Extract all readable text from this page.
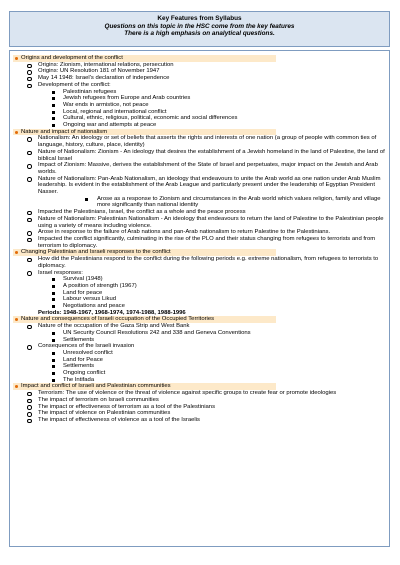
Key Features from Syllabus
Questions on this topic in the HSC come from the key features
There is a high emphasis on analytical questions.
Origins and development of the conflict
Origins: Zionism, international relations, persecution
Origins: UN Resolution 181 of November 1947
May 14 1948: Israel's declaration of independence
Development of the conflict:
Palestinian refugees
Jewish refugees from Europe and Arab countries
War ends in armistice, not peace
Local, regional and international conflict
Cultural, ethnic, religious, political, economic and social differences
Ongoing war and attempts at peace
Nature and impact of nationalism
Nationalism: An ideology or set of beliefs that asserts the rights and interests of one nation (a group of people with common ties of language, history, culture, place, identity)
Nature of Nationalism: Zionism - An ideology that desires the establishment of a Jewish homeland in the land of Palestine, the land of biblical Israel
Impact of Zionism: Massive, derives the establishment of the State of Israel and perpetuates, major impact on the Jewish and Arab worlds.
Nature of Nationalism: Pan-Arab Nationalism, an ideology that endeavours to unite the Arab world as one nation under Arab Muslim leadership. Is evident in the establishment of the Arab League and particularly present under the leadership of Egyptian President Nasser.
Arose as a response to Zionism and circumstances in the Arab world which values religion, family and village more significantly than national identity
Impacted the Palestinians, Israel, the conflict as a whole and the peace process
Nature of Nationalism: Palestinian Nationalism - An ideology that endeavours to return the land of Palestine to the Palestinian people using a variety of means including violence.
Arose in response to the failure of Arab nations and pan-Arab nationalism to return Palestine to the Palestinians.
Impacted the conflict significantly, culminating in the rise of the PLO and their status changing from refugees to terrorists and from terrorism to diplomacy.
Changing Palestinian and Israeli responses to the conflict
How did the Palestinians respond to the conflict during the following periods e.g. extreme nationalism, from refugees to terrorists to diplomacy.
Israel responses:
Survival (1948)
A position of strength (1967)
Land for peace
Labour versus Likud
Negotiations and peace
Periods: 1948-1967, 1968-1974, 1974-1988, 1988-1996
Nature and consequences of Israeli occupation of the Occupied Territories
Nature of the occupation of the Gaza Strip and West Bank
UN Security Council Resolutions 242 and 338 and Geneva Conventions
Settlements
Consequences of the Israeli invasion
Unresolved conflict
Land for Peace
Settlements
Ongoing conflict
The Intifada
Impact and conflict of Israeli and Palestinian communities
Terrorism: The use of violence or the threat of violence against specific groups to create fear or promote ideologies
The impact of terrorism on Israeli communities
The impact or effectiveness of terrorism as a tool of the Palestinians
The impact of violence on Palestinian communities
The impact of effectiveness of violence as a tool of the Israelis
